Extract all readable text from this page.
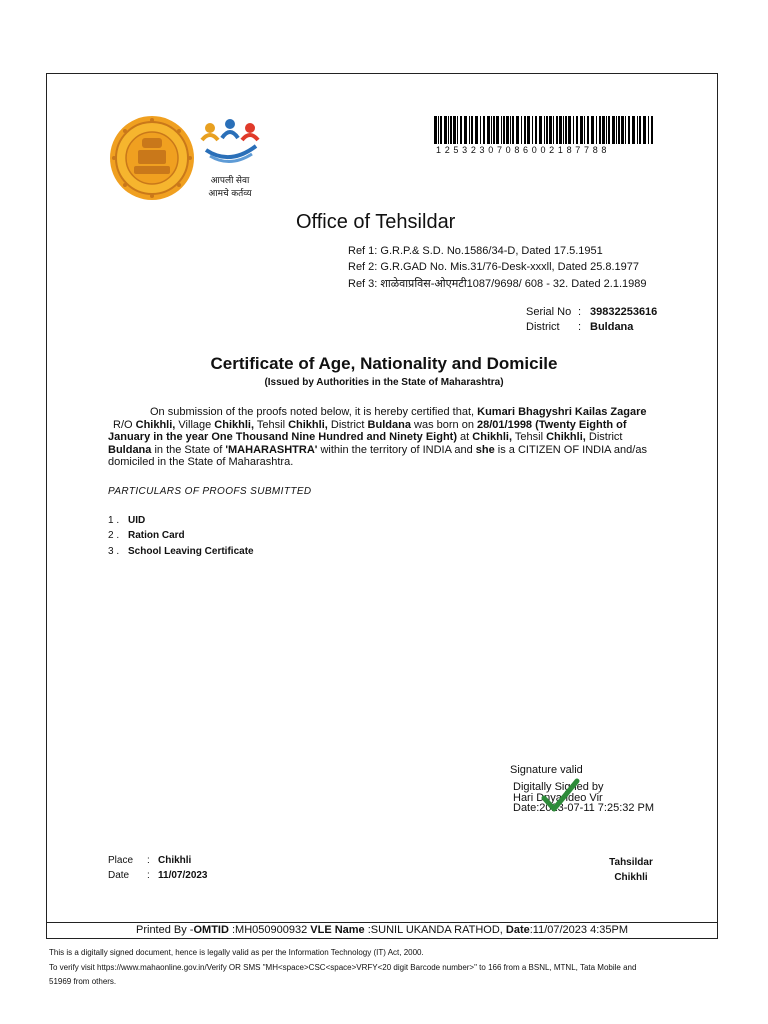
आपली सेवा
आमचे कर्तव्य
12532307086002187788
Office of Tehsildar
Ref 1: G.R.P.& S.D. No.1586/34-D, Dated 17.5.1951
Ref 2: G.R.GAD No. Mis.31/76-Desk-xxxll, Dated 25.8.1977
Ref 3: शाळेवाप्रविस-ओएमटी1087/9698/ 608 - 32. Dated 2.1.1989
Serial No : 39832253616
District : Buldana
Certificate of Age, Nationality and Domicile
(Issued by Authorities in the State of Maharashtra)
On submission of the proofs noted below, it is hereby certified that, Kumari Bhagyshri Kailas Zagare
R/O Chikhli, Village Chikhli, Tehsil Chikhli, District Buldana was born on 28/01/1998 (Twenty Eighth of January in the year One Thousand Nine Hundred and Ninety Eight) at Chikhli, Tehsil Chikhli, District Buldana in the State of 'MAHARASHTRA' within the territory of INDIA and she is a CITIZEN OF INDIA and/as domiciled in the State of Maharashtra.
PARTICULARS OF PROOFS SUBMITTED
1 . UID
2 . Ration Card
3 . School Leaving Certificate
Signature valid
Digitally Signed by
Hari Dnyandeo Vir
Date:2023-07-11 7:25:32 PM
Place : Chikhli
Date : 11/07/2023
Tahsildar
Chikhli
Printed By -OMTID :MH050900932 VLE Name :SUNIL UKANDA RATHOD, Date:11/07/2023 4:35PM
This is a digitally signed document, hence is legally valid as per the Information Technology (IT) Act, 2000.
To verify visit https://www.mahaonline.gov.in/Verify OR SMS "MH<space>CSC<space>VRFY<20 digit Barcode number>" to 166 from a BSNL, MTNL, Tata Mobile and
51969 from others.
